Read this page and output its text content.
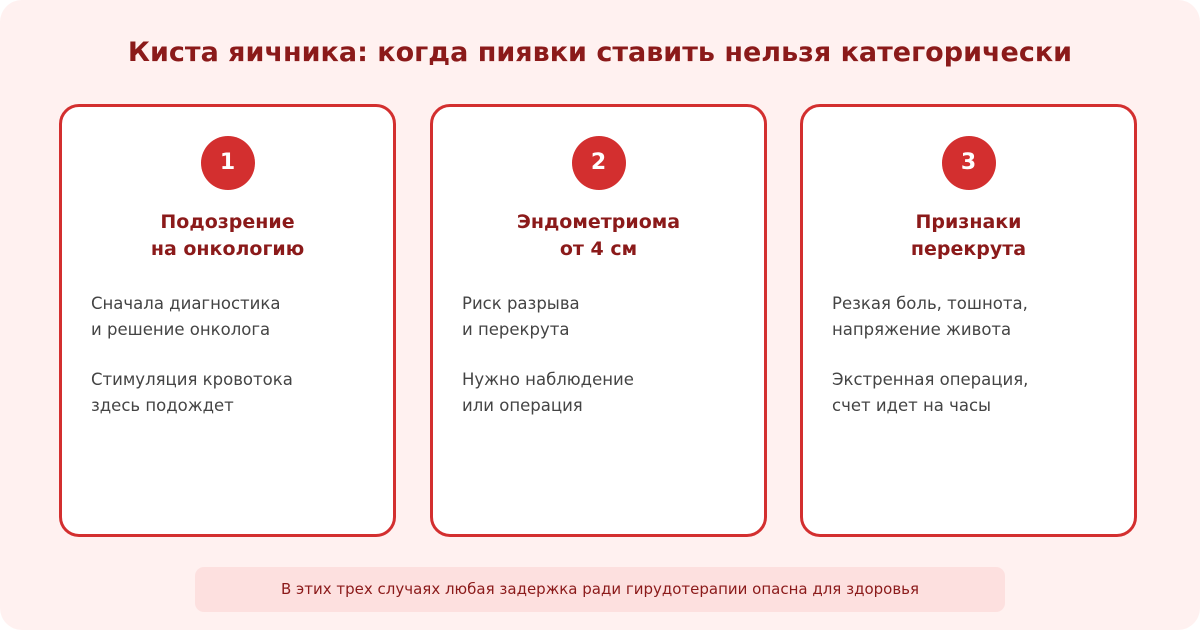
Киста яичника: когда пиявки ставить нельзя категорически
1
Подозрение
на онкологию
Сначала диагностика
и решение онколога
Стимуляция кровотока
здесь подождет
2
Эндометриома
от 4 см
Риск разрыва
и перекрута
Нужно наблюдение
или операция
3
Признаки
перекрута
Резкая боль, тошнота,
напряжение живота
Экстренная операция,
счет идет на часы
В этих трех случаях любая задержка ради гирудотерапии опасна для здоровья
